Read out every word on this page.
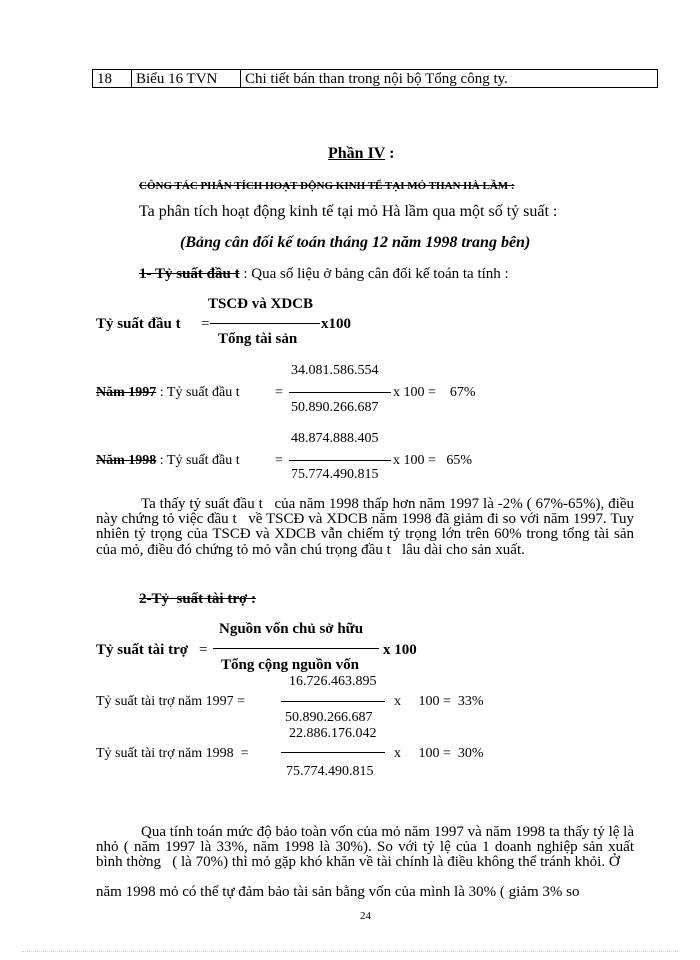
18	Biểu 16 TVN	Chi tiết bán than trong nội bộ Tổng công ty.
Phần IV :
CÔNG TÁC PHÂN TÍCH HOẠT ĐỘNG KINH TẾ TẠI MỎ THAN HÀ LẦM :
Ta phân tích hoạt động kinh tế tại mỏ Hà lầm qua một số tỷ suất :
(Bảng cân đối kế toán tháng 12 năm 1998 trang bên)
1- Tỷ suất đầu t : Qua số liệu ở bảng cân đối kế toán ta tính :
TSCĐ và XDCB
Tỷ suất đầu t =	x100
Tổng tài sản
34.081.586.554
Năm 1997 : Tỷ suất đầu t	=	x 100 =    67%
50.890.266.687
48.874.888.405
Năm 1998 : Tỷ suất đầu t	=	x 100 =   65%
75.774.490.815
Ta thấy tỷ suất đầu t   của năm 1998 thấp hơn năm 1997 là -2% ( 67%-65%), điều này chứng tỏ việc đầu t   về TSCĐ và XDCB năm 1998 đã giảm đi so với năm 1997. Tuy nhiên tỷ trọng của TSCĐ và XDCB vẫn chiếm tỷ trọng lớn trên 60% trong tổng tài sản của mỏ, điều đó chứng tỏ mỏ vẫn chú trọng đầu t   lâu dài cho sản xuất.
2-Tỷ  suất tài trợ :
Nguồn vốn chủ sở hữu
Tỷ suất tài trợ =	x 100
Tổng cộng nguồn vốn
16.726.463.895
Tỷ suất tài trợ năm 1997 =	x     100 =  33%
50.890.266.687
22.886.176.042
Tỷ suất tài trợ năm 1998  =	x     100 =  30%
75.774.490.815
Qua tính toán mức độ bảo toàn vốn của mỏ năm 1997 và năm 1998 ta thấy tỷ lệ là nhỏ ( năm 1997 là 33%, năm 1998 là 30%). So với tỷ lệ của 1 doanh nghiệp sản xuất bình thờng   ( là 70%) thì mỏ gặp khó khăn về tài chính là điều không thể tránh khỏi. Ở
năm 1998 mỏ có thể tự đảm bảo tài sản bằng vốn của mình là 30% ( giảm 3% so
24
